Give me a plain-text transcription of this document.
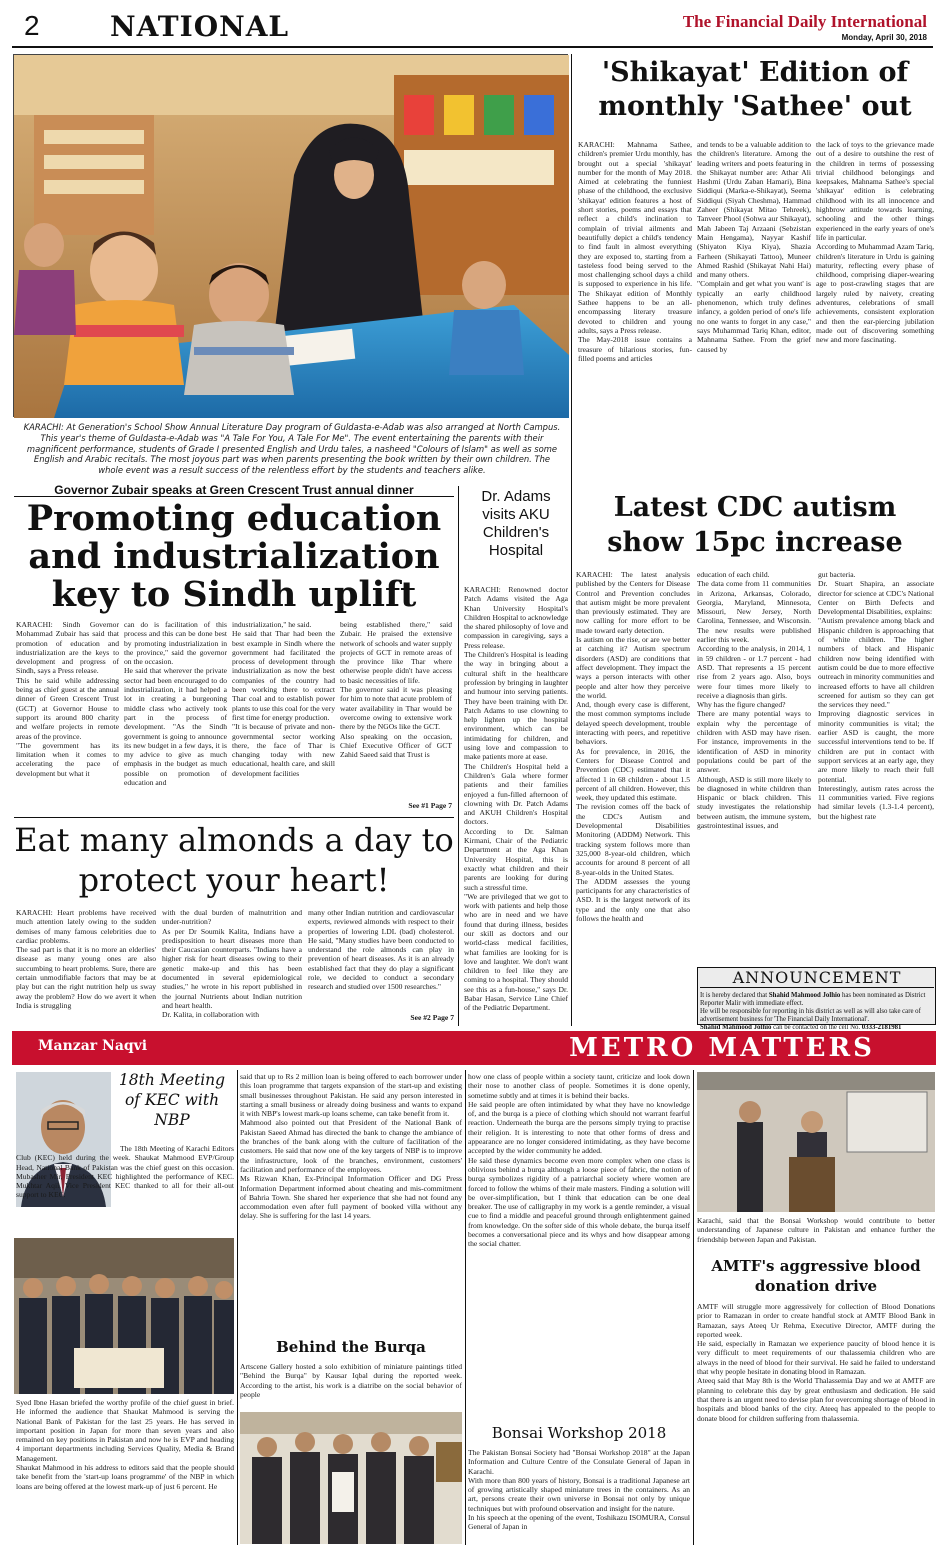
2	NATIONAL	The Financial Daily International
Monday, April 30, 2018
KARACHI: At Generation's School Show Annual Literature Day program of Guldasta-e-Adab was also arranged at North Campus. This year's theme of Guldasta-e-Adab was "A Tale For You, A Tale For Me". The event entertaining the parents with their magnificent performance, students of Grade I presented English and Urdu tales, a nasheed "Colours of Islam" as well as some English and Arabic recitals. The most joyous part was when parents presenting the book written by their own children. The whole event was a result success of the relentless effort by the students and teachers alike.
'Shikayat' Edition of monthly 'Sathee' out
KARACHI: Mahnama Sathee, children's premier Urdu monthly, has brought out a special 'shikayat' number for the month of May 2018. Aimed at celebrating the funniest phase of the childhood, the exclusive 'shikayat' edition features a host of short stories, poems and essays that reflect a child's inclination to complain of trivial ailments and beautifully depict a child's tendency to find fault in almost everything they are exposed to, starting from a tasteless food being served to the most challenging school days a child is supposed to experience in his life. The Shikayat edition of Monthly Sathee happens to be an all-encompassing literary treasure devoted to children and young adults, says a Press release.
The May-2018 issue contains a treasure of hilarious stories, fun-filled poems and articles
and tends to be a valuable addition to the children's literature. Among the leading writers and poets featuring in the Shikayat number are: Athar Ali Hashmi (Urdu Zaban Hamari), Bina Siddiqui (Marka-e-Shikayat), Seema Siddiqui (Siyah Cheshma), Hammad Zaheer (Shikayat Mitao Tehreek), Tanveer Phool (Sohwa aur Shikayat), Mah Jabeen Taj Arzaani (Sebzistan Main Hengama), Nayyar Kashif (Shiyaton Kiya Kiya), Shazia Farheen (Shikayati Tattoo), Muneer Ahmed Rashid (Shikayat Nahi Hai) and many others.
"Complain and get what you want' is typically an early childhood phenomenon, which truly defines infancy, a golden period of one's life no one wants to forget in any case," says Muhammad Tariq Khan, editor, Mahnama Sathee. From the grief caused by
the lack of toys to the grievance made out of a desire to outshine the rest of the children in terms of possessing trivial childhood belongings and keepsakes, Mahnama Sathee's special 'shikayat' edition is celebrating childhood with its all innocence and highbrow attitude towards learning, schooling and the other things experienced in the early years of one's life in particular.
According to Muhammad Azam Tariq, children's literature in Urdu is gaining maturity, reflecting every phase of childhood, comprising diaper-wearing age to post-crawling stages that are largely ruled by naivety, creating adventures, celebrations of small achievements, consistent exploration and then the ear-piercing jubilation made out of discovering something new and more fascinating.
Governor Zubair speaks at Green Crescent Trust annual dinner
Promoting education and industrialization key to Sindh uplift
KARACHI: Sindh Governor Mohammad Zubair has said that promotion of education and industrialization are the keys to development and progress of Sindh, says a Press release.
This he said while addressing being as chief guest at the annual dinner of Green Crescent Trust (GCT) at Governor House to support its around 800 charity and welfare projects in remote areas of the province.
"The government has its limitation when it comes to accelerating the pace of development but what it
can do is facilitation of this process and this can be done best by promoting industrialization in the province," said the governor on the occasion.
He said that wherever the private sector had been encouraged to do industrialization, it had helped a lot in creating a burgeoning middle class who actively took part in the process of development. "As the Sindh government is going to announce its new budget in a few days, it is my advice to give as much emphasis in the budget as much possible on promotion of education and
industrialization," he said.
He said that Thar had been the best example in Sindh where the government had facilitated the process of development through industrialization as now the best companies of the country had been working there to extract Thar coal and to establish power plants to use this coal for the very first time for energy production.
"It is because of private and non-governmental sector working there, the face of Thar is changing today with new educational, health care, and skill development facilities
being established there," said Zubair. He praised the extensive network of schools and water supply projects of GCT in remote areas of the province like Thar where otherwise people didn't have access to basic necessities of life.
The governor said it was pleasing for him to note that acute problem of water availability in Thar would be overcome owing to extensive work there by the NGOs like the GCT.
Also speaking on the occasion, Chief Executive Officer of GCT Zahid Saeed said that Trust is
See #1 Page 7
Dr. Adams visits AKU Children's Hospital
KARACHI: Renowned doctor Patch Adams visited the Aga Khan University Hospital's Children Hospital to acknowledge the shared philosophy of love and compassion in caregiving, says a Press release.
The Children's Hospital is leading the way in bringing about a cultural shift in the healthcare profession by bringing in laughter and humour into serving patients. They have been training with Dr. Patch Adams to use clowning to help lighten up the hospital environment, which can be intimidating for children, and using love and compassion to make patients more at ease.
The Children's Hospital held a Children's Gala where former patients and their families enjoyed a fun-filled afternoon of clowning with Dr. Patch Adams and AKUH Children's Hospital doctors.
According to Dr. Salman Kirmani, Chair of the Pediatric Department at the Aga Khan University Hospital, this is exactly what children and their parents are looking for during such a stressful time.
"We are privileged that we got to work with patients and help those who are in need and we have found that during illness, besides our skill as doctors and our world-class medical facilities, what families are looking for is love and laughter. We don't want children to feel like they are coming to a hospital. They should see this as a fun-house," says Dr. Babar Hasan, Service Line Chief of the Pediatric Department.
Latest CDC autism show 15pc increase
KARACHI: The latest analysis published by the Centers for Disease Control and Prevention concludes that autism might be more prevalent than previously estimated. They are now calling for more effort to be made toward early detection.
Is autism on the rise, or are we better at catching it? Autism spectrum disorders (ASD) are conditions that affect development. They impact the ways a person interacts with other people and alter how they perceive the world.
And, though every case is different, the most common symptoms include delayed speech development, trouble interacting with peers, and repetitive behaviors.
As for prevalence, in 2016, the Centers for Disease Control and Prevention (CDC) estimated that it affected 1 in 68 children - about 1.5 percent of all children. However, this week, they updated this estimate.
The revision comes off the back of the CDC's Autism and Developmental Disabilities Monitoring (ADDM) Network. This tracking system follows more than 325,000 8-year-old children, which accounts for around 8 percent of all 8-year-olds in the United States.
The ADDM assesses the young participants for any characteristics of ASD. It is the largest network of its type and the only one that also follows the health and
education of each child.
The data come from 11 communities in Arizona, Arkansas, Colorado, Georgia, Maryland, Minnesota, Missouri, New Jersey, North Carolina, Tennessee, and Wisconsin. The new results were published earlier this week.
According to the analysis, in 2014, 1 in 59 children - or 1.7 percent - had ASD. That represents a 15 percent rise from 2 years ago. Also, boys were four times more likely to receive a diagnosis than girls.
Why has the figure changed?
There are many potential ways to explain why the percentage of children with ASD may have risen. For instance, improvements in the identification of ASD in minority populations could be part of the answer.
Although, ASD is still more likely to be diagnosed in white children than Hispanic or black children. This study investigates the relationship between autism, the immune system, gastrointestinal issues, and
gut bacteria.
Dr. Stuart Shapira, an associate director for science at CDC's National Center on Birth Defects and Developmental Disabilities, explains:
"Autism prevalence among black and Hispanic children is approaching that of white children. The higher numbers of black and Hispanic children now being identified with autism could be due to more effective outreach in minority communities and increased efforts to have all children screened for autism so they can get the services they need."
Improving diagnostic services in minority communities is vital; the earlier ASD is caught, the more successful interventions tend to be. If children are put in contact with support services at an early age, they are more likely to reach their full potential.
Interestingly, autism rates across the 11 communities varied. Five regions had similar levels (1.3-1.4 percent), but the highest rate
ANNOUNCEMENT

It is hereby declared that Shahid Mahmood Jolhio has been nominated as District Reporter Malir with immediate effect.

He will be responsible for reporting in his district as well as will also take care of advertisement business for 'The Financial Daily International'.

Shahid Mahmood Jolhio can be contacted on the cell No. 0333-2181981

Eat many almonds a day to protect your heart!
KARACHI: Heart problems have received much attention lately owing to the sudden demises of many famous celebrities due to cardiac problems.
The sad part is that it is no more an elderlies' disease as many young ones are also succumbing to heart problems. Sure, there are certain unmodifiable factors that may be at play but can the right nutrition help us sway away the problem? How do we avert it when India is struggling
with the dual burden of malnutrition and under-nutrition?
As per Dr Soumik Kalita, Indians have a predisposition to heart diseases more than their Caucasian counterparts. "Indians have a higher risk for heart diseases owing to their genetic make-up and this has been documented in several epidemiological studies," he wrote in his report published in the journal Nutrients about Indian nutrition and heart health.
Dr. Kalita, in collaboration with
many other Indian nutrition and cardiovascular experts, reviewed almonds with respect to their properties of lowering LDL (bad) cholesterol. He said, "Many studies have been conducted to understand the role almonds can play in prevention of heart diseases. As it is an already established fact that they do play a significant role, we decided to conduct a secondary research and studied over 1500 researches."
See #2 Page 7
Manzar Naqvi	METRO MATTERS
18th Meeting of KEC with NBP
The 18th Meeting of Karachi Editors Club (KEC) held during the week. Shaukat Mahmood EVP/Group Head, National Bank of Pakistan was the chief guest on this occasion. Mubasher Mir, President KEC highlighted the performance of KEC. Mukhtar Aqil, Vice President KEC thanked to all for their all-out support to KEC.
Syed Ibne Hasan briefed the worthy profile of the chief guest in brief. He informed the audience that Shaukat Mahmood is serving the National Bank of Pakistan for the last 25 years. He has served in important position in Japan for more than seven years and also remained on key positions in Pakistan and now he is EVP and heading 4 important departments including Services Quality, Media & Brand Management.
Shaukat Mahmood in his address to editors said that the people should take benefit from the 'start-up loans programme' of the NBP in which loans are being offered at the lowest mark-up of just 6 percent. He
said that up to Rs 2 million loan is being offered to each borrower under this loan programme that targets expansion of the start-up and existing small businesses throughout Pakistan. He said any person interested in starting a small business or already doing business and wants to expand it with NBP's lowest mark-up loans scheme, can take benefit from it.
Mahmood also pointed out that President of the National Bank of Pakistan Saeed Ahmad has directed the bank to change the ambiance of the branches of the bank along with the culture of facilitation of the customers. He said that now one of the key targets of NBP is to improve the infrastructure, look of the branches, environment, customers' facilitation and performance of the employees.
Ms Rizwan Khan, Ex-Principal Information Officer and DG Press Information Department informed about cheating and mis-commitment of Bahria Town. She shared her experience that she had not found any accommodation even after full payment of booked villa without any delay. She is suffering for the last 14 years.
Behind the Burqa
Artscene Gallery hosted a solo exhibition of miniature paintings titled "Behind the Burqa" by Kausar Iqbal during the reported week. According to the artist, his work is a diatribe on the social behavior of people
how one class of people within a society taunt, criticize and look down their nose to another class of people. Sometimes it is done openly, sometime subtly and at times it is behind their backs.
He said people are often intimidated by what they have no knowledge of, and the burqa is a piece of clothing which should not warrant fearful reaction. Underneath the burqa are the persons simply trying to practise their religion. It is interesting to note that other forms of dress and appearance are no longer considered intimidating, as they have become accepted by the wider community he added.
He said these dynamics become even more complex when one class is oblivious behind a burqa although a loose piece of fabric, the notion of burqa symbolizes rigidity of a patriarchal society where women are forced to follow the whims of their male masters. Finding a solution will be over-simplification, but I think that education can be one deal breaker. The use of calligraphy in my work is a gentle reminder, a visual cue to find a middle and peaceful ground through enlightenment gained from knowledge. On the softer side of this whole debate, the burqa itself becomes a conversational piece and its whys and how disappear among the social chatter.
Bonsai Workshop 2018
The Pakistan Bonsai Society had "Bonsai Workshop 2018" at the Japan Information and Culture Centre of the Consulate General of Japan in Karachi.
With more than 800 years of history, Bonsai is a traditional Japanese art of growing artistically shaped miniature trees in the containers. As an art, persons create their own universe in Bonsai not only by unique techniques but with profound observation and insight for the nature.
In his speech at the opening of the event, Toshikazu ISOMURA, Consul General of Japan in
Karachi, said that the Bonsai Workshop would contribute to better understanding of Japanese culture in Pakistan and enhance further the friendship between Japan and Pakistan.
AMTF's aggressive blood donation drive
AMTF will struggle more aggressively for collection of Blood Donations prior to Ramazan in order to create handful stock at AMTF Blood Bank in Ramazan, says Ateeq Ur Rehma, Executive Director, AMTF during the reported week.
He said, especially in Ramazan we experience paucity of blood hence it is very difficult to meet requirements of our thalassemia children who are always in the need of blood for their survival. He said he failed to understand that why people hesitate in donating blood in Ramazan.
Ateeq said that May 8th is the World Thalassemia Day and we at AMTF are planning to celebrate this day by great enthusiasm and dedication. He said that there is an urgent need to devise plan for overcoming shortage of blood in hospitals and blood banks of the city. Ateeq has appealed to the people to donate blood for children suffering from thalassemia.
